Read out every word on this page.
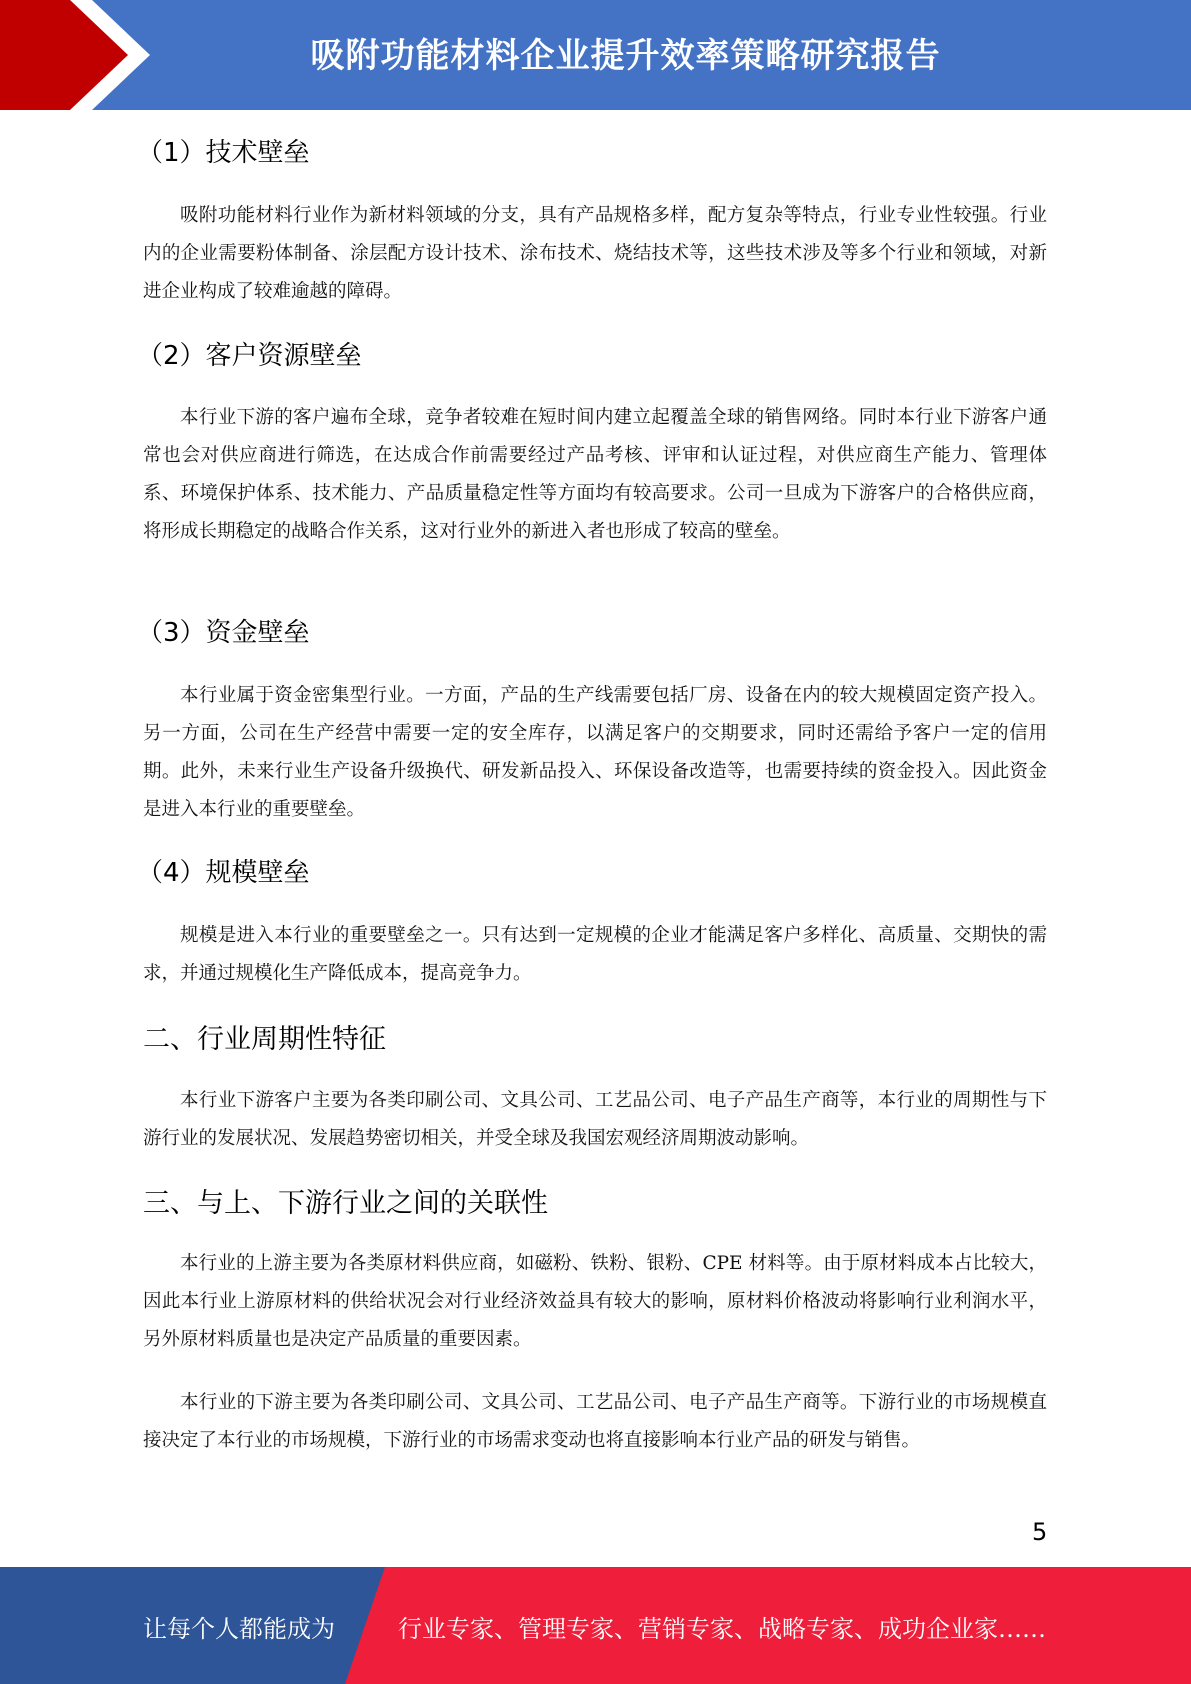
吸附功能材料企业提升效率策略研究报告
（1）技术壁垒
吸附功能材料行业作为新材料领域的分支，具有产品规格多样，配方复杂等特点，行业专业性较强。行业内的企业需要粉体制备、涂层配方设计技术、涂布技术、烧结技术等，这些技术涉及等多个行业和领域，对新进企业构成了较难逾越的障碍。
（2）客户资源壁垒
本行业下游的客户遍布全球，竞争者较难在短时间内建立起覆盖全球的销售网络。同时本行业下游客户通常也会对供应商进行筛选，在达成合作前需要经过产品考核、评审和认证过程，对供应商生产能力、管理体系、环境保护体系、技术能力、产品质量稳定性等方面均有较高要求。公司一旦成为下游客户的合格供应商，将形成长期稳定的战略合作关系，这对行业外的新进入者也形成了较高的壁垒。
（3）资金壁垒
本行业属于资金密集型行业。一方面，产品的生产线需要包括厂房、设备在内的较大规模固定资产投入。另一方面，公司在生产经营中需要一定的安全库存，以满足客户的交期要求，同时还需给予客户一定的信用期。此外，未来行业生产设备升级换代、研发新品投入、环保设备改造等，也需要持续的资金投入。因此资金是进入本行业的重要壁垒。
（4）规模壁垒
规模是进入本行业的重要壁垒之一。只有达到一定规模的企业才能满足客户多样化、高质量、交期快的需求，并通过规模化生产降低成本，提高竞争力。
二、行业周期性特征
本行业下游客户主要为各类印刷公司、文具公司、工艺品公司、电子产品生产商等，本行业的周期性与下游行业的发展状况、发展趋势密切相关，并受全球及我国宏观经济周期波动影响。
三、与上、下游行业之间的关联性
本行业的上游主要为各类原材料供应商，如磁粉、铁粉、银粉、CPE 材料等。由于原材料成本占比较大，因此本行业上游原材料的供给状况会对行业经济效益具有较大的影响，原材料价格波动将影响行业利润水平，另外原材料质量也是决定产品质量的重要因素。
本行业的下游主要为各类印刷公司、文具公司、工艺品公司、电子产品生产商等。下游行业的市场规模直接决定了本行业的市场规模，下游行业的市场需求变动也将直接影响本行业产品的研发与销售。
5
让每个人都能成为	行业专家、管理专家、营销专家、战略专家、成功企业家……
